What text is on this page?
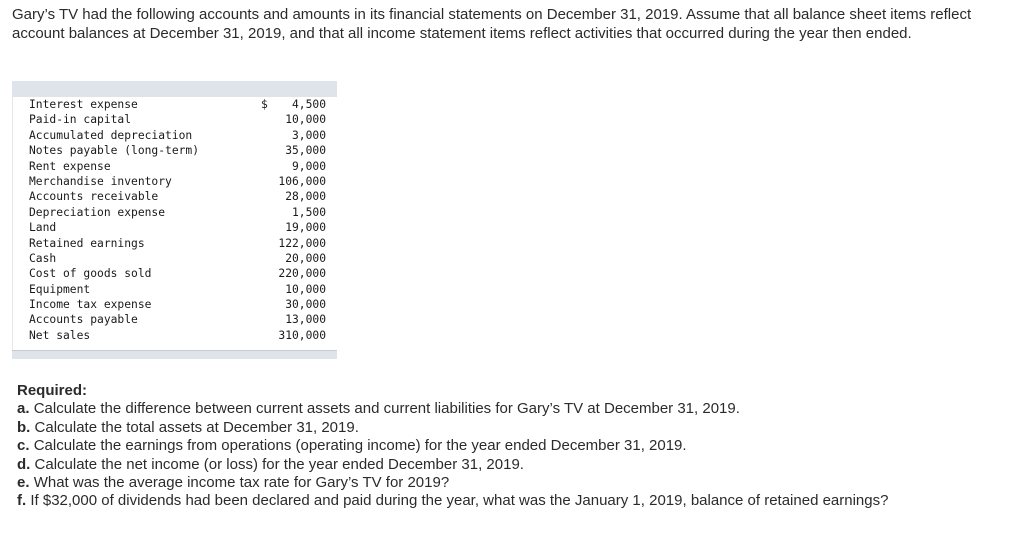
Gary’s TV had the following accounts and amounts in its financial statements on December 31, 2019. Assume that all balance sheet items reflect account balances at December 31, 2019, and that all income statement items reflect activities that occurred during the year then ended.

Interest expense	$ 4,500
Paid-in capital	10,000
Accumulated depreciation	3,000
Notes payable (long-term)	35,000
Rent expense	9,000
Merchandise inventory	106,000
Accounts receivable	28,000
Depreciation expense	1,500
Land	19,000
Retained earnings	122,000
Cash	20,000
Cost of goods sold	220,000
Equipment	10,000
Income tax expense	30,000
Accounts payable	13,000
Net sales	310,000
Required:
a. Calculate the difference between current assets and current liabilities for Gary’s TV at December 31, 2019.
b. Calculate the total assets at December 31, 2019.
c. Calculate the earnings from operations (operating income) for the year ended December 31, 2019.
d. Calculate the net income (or loss) for the year ended December 31, 2019.
e. What was the average income tax rate for Gary’s TV for 2019?
f. If $32,000 of dividends had been declared and paid during the year, what was the January 1, 2019, balance of retained earnings?
